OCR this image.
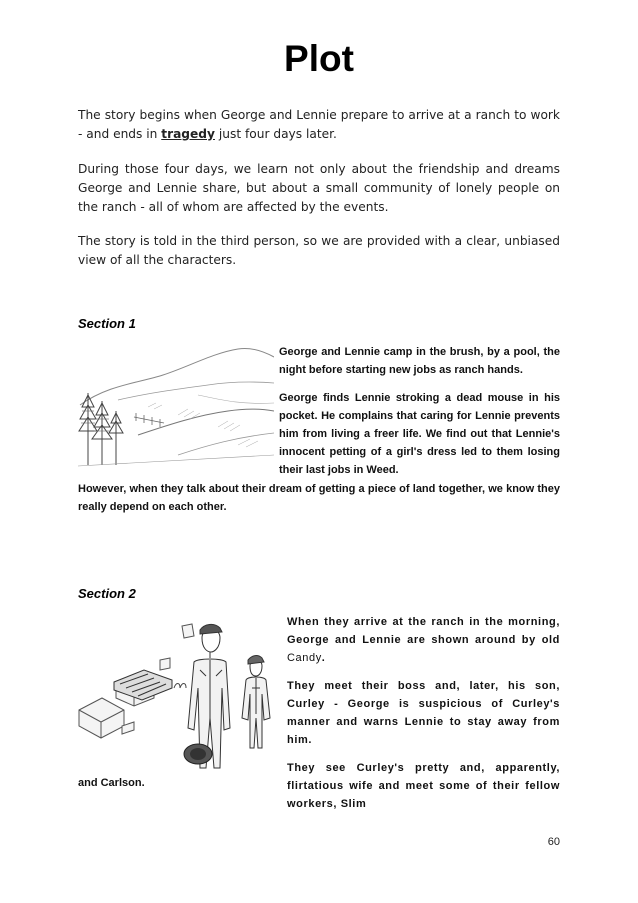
Plot
The story begins when George and Lennie prepare to arrive at a ranch to work - and ends in tragedy just four days later.
During those four days, we learn not only about the friendship and dreams George and Lennie share, but about a small community of lonely people on the ranch - all of whom are affected by the events.
The story is told in the third person, so we are provided with a clear, unbiased view of all the characters.
Section 1

George and Lennie camp in the brush, by a pool, the night before starting new jobs as ranch hands.

George finds Lennie stroking a dead mouse in his pocket. He complains that caring for Lennie prevents him from living a freer life. We find out that Lennie's innocent petting of a girl's dress led to them losing their last jobs in Weed.

However, when they talk about their dream of getting a piece of land together, we know they really depend on each other.
Section 2

When they arrive at the ranch in the morning, George and Lennie are shown around by old Candy.

They meet their boss and, later, his son, Curley - George is suspicious of Curley's manner and warns Lennie to stay away from him.

They see Curley's pretty and, apparently, flirtatious wife and meet some of their fellow workers, Slim

and Carlson.
60
